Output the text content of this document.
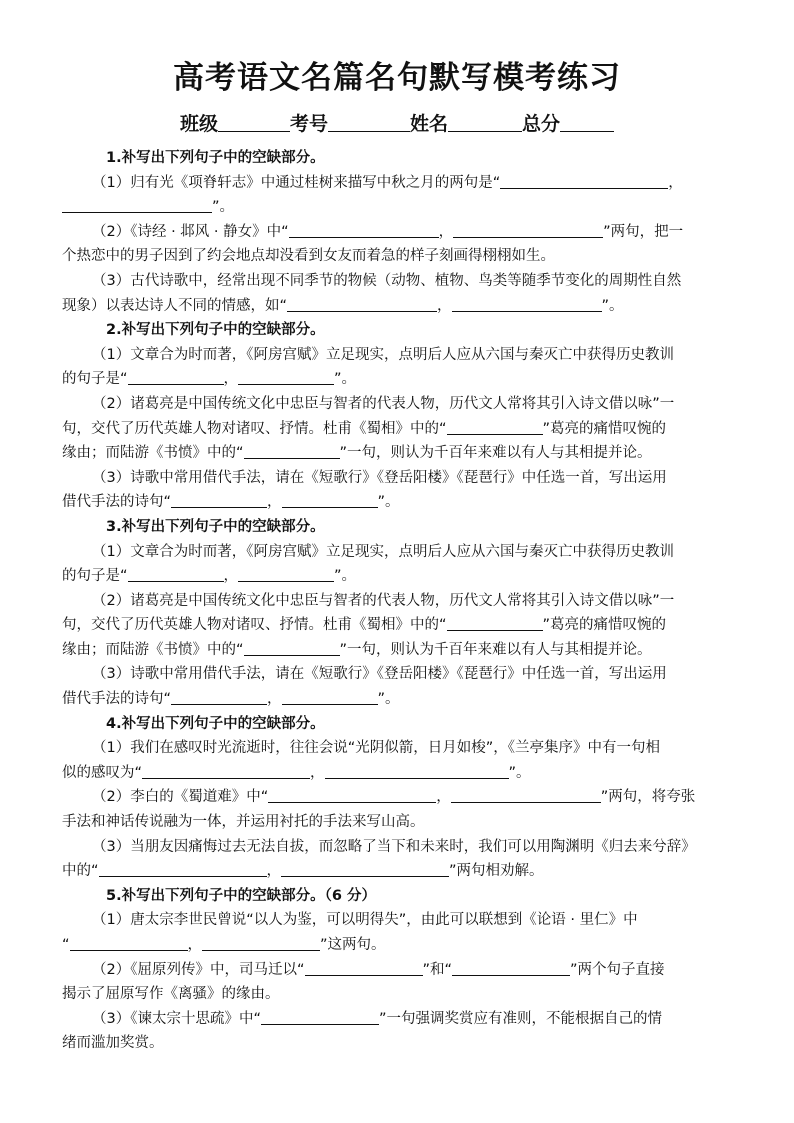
高考语文名篇名句默写模考练习
班级	考号	姓名	总分
1.补写出下列句子中的空缺部分。
（1）归有光《项脊轩志》中通过桂树来描写中秋之月的两句是“	，
”。
（2）《诗经 · 邶风 · 静女》中“	，	”两句，把一
个热恋中的男子因到了约会地点却没看到女友而着急的样子刻画得栩栩如生。
（3）古代诗歌中，经常出现不同季节的物候（动物、植物、鸟类等随季节变化的周期性自然
现象）以表达诗人不同的情感，如“	，	”。
2.补写出下列句子中的空缺部分。
（1）文章合为时而著，《阿房宫赋》立足现实，点明后人应从六国与秦灭亡中获得历史教训
的句子是“	，	”。
（2）诸葛亮是中国传统文化中忠臣与智者的代表人物，历代文人常将其引入诗文借以咏”一
句，交代了历代英雄人物对诸叹、抒情。杜甫《蜀相》中的“	”葛亮的痛惜叹惋的
缘由；而陆游《书愤》中的“	”一句，则认为千百年来难以有人与其相提并论。
（3）诗歌中常用借代手法，请在《短歌行》《登岳阳楼》《琵琶行》中任选一首，写出运用
借代手法的诗句“	，	”。
3.补写出下列句子中的空缺部分。
（1）文章合为时而著，《阿房宫赋》立足现实，点明后人应从六国与秦灭亡中获得历史教训
的句子是“	，	”。
（2）诸葛亮是中国传统文化中忠臣与智者的代表人物，历代文人常将其引入诗文借以咏”一
句，交代了历代英雄人物对诸叹、抒情。杜甫《蜀相》中的“	”葛亮的痛惜叹惋的
缘由；而陆游《书愤》中的“	”一句，则认为千百年来难以有人与其相提并论。
（3）诗歌中常用借代手法，请在《短歌行》《登岳阳楼》《琵琶行》中任选一首，写出运用
借代手法的诗句“	，	”。
4.补写出下列句子中的空缺部分。
（1）我们在感叹时光流逝时，往往会说“光阴似箭，日月如梭”，《兰亭集序》中有一句相
似的感叹为“	，	”。
（2）李白的《蜀道难》中“	，	”两句，将夸张
手法和神话传说融为一体，并运用衬托的手法来写山高。
（3）当朋友因痛悔过去无法自拔，而忽略了当下和未来时，我们可以用陶渊明《归去来兮辞》
中的“	，	”两句相劝解。
5.补写出下列句子中的空缺部分。（6 分）
（1）唐太宗李世民曾说“以人为鉴，可以明得失”，由此可以联想到《论语 · 里仁》中
“	，	”这两句。
（2）《屈原列传》中，司马迁以“	”和“	”两个句子直接
揭示了屈原写作《离骚》的缘由。
（3）《谏太宗十思疏》中“	”一句强调奖赏应有准则，不能根据自己的情
绪而滥加奖赏。
